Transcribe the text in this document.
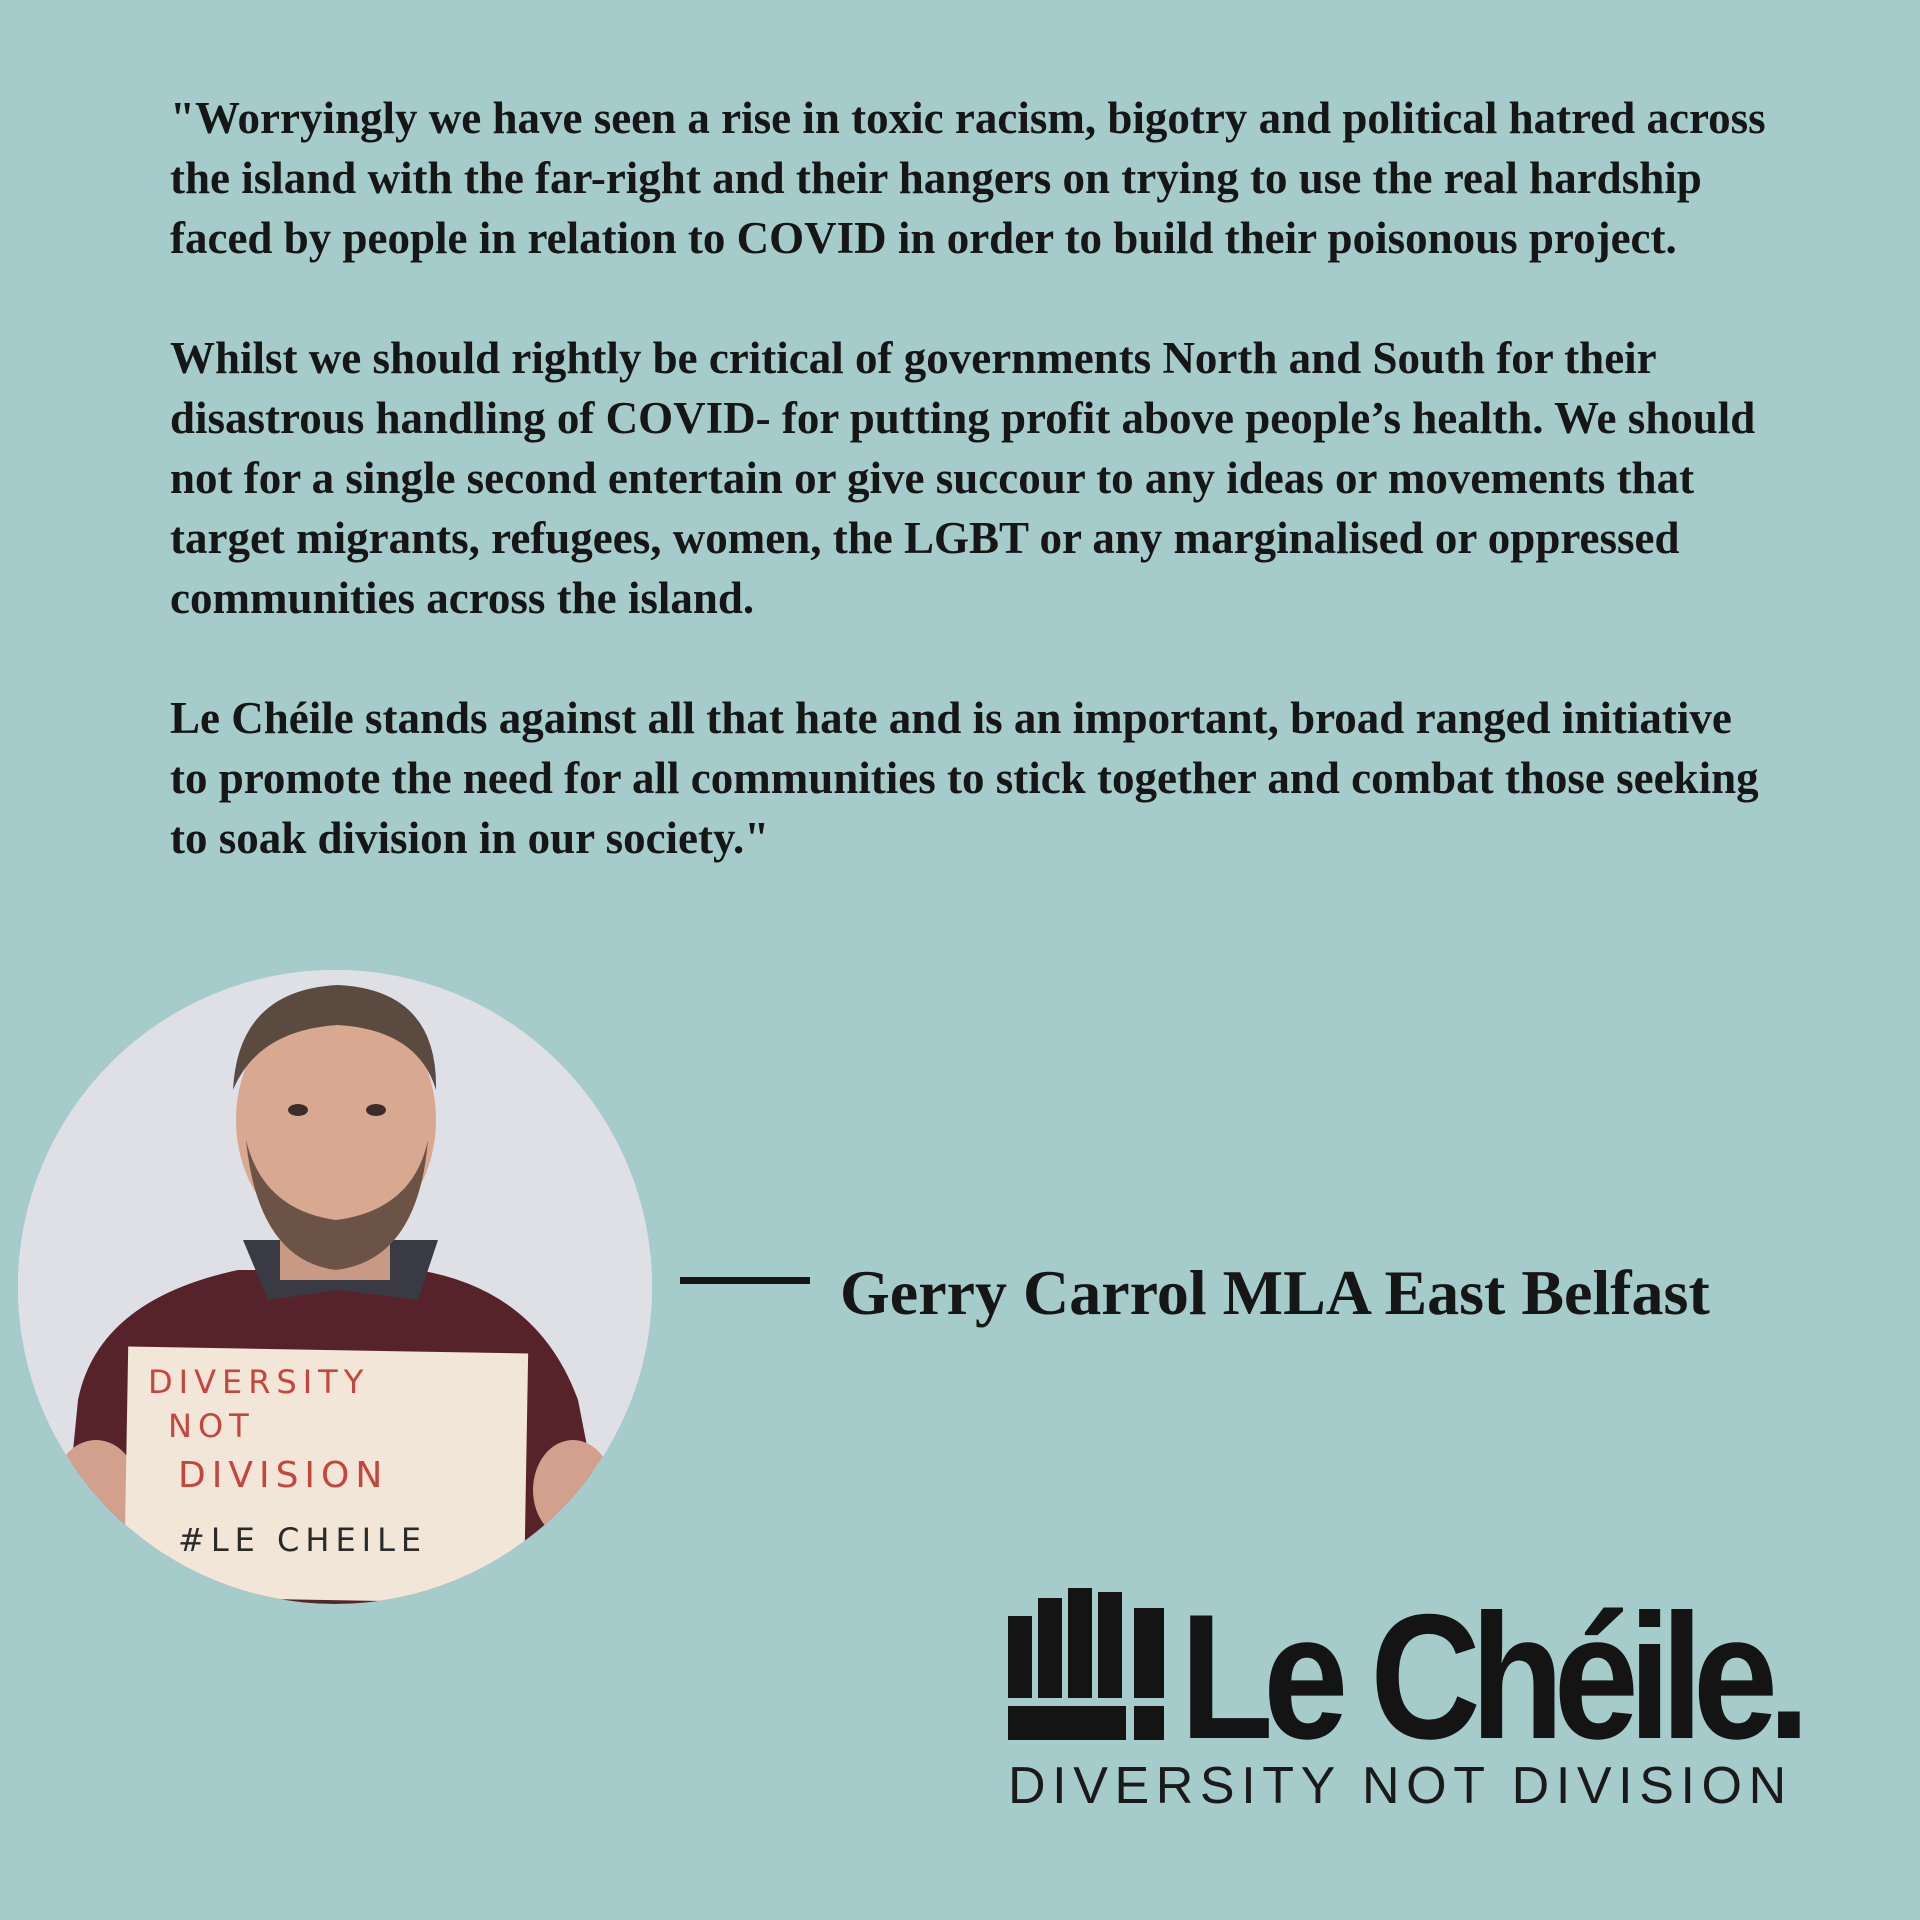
"Worryingly we have seen a rise in toxic racism, bigotry and political hatred across the island with the far-right and their hangers on trying to use the real hardship faced by people in relation to COVID in order to build their poisonous project.

Whilst we should rightly be critical of governments North and South for their disastrous handling of COVID- for putting profit above people’s health. We should not for a single second entertain or give succour to any ideas or movements that target migrants, refugees, women, the LGBT or any marginalised or oppressed communities across the island.

Le Chéile stands against all that hate and is an important, broad ranged initiative to promote the need for all communities to stick together and combat those seeking to soak division in our society."

DIVERSITY
NOT
DIVISION
#LE CHEILE
Gerry Carrol MLA East Belfast
Le Chéile.
DIVERSITY NOT DIVISION
